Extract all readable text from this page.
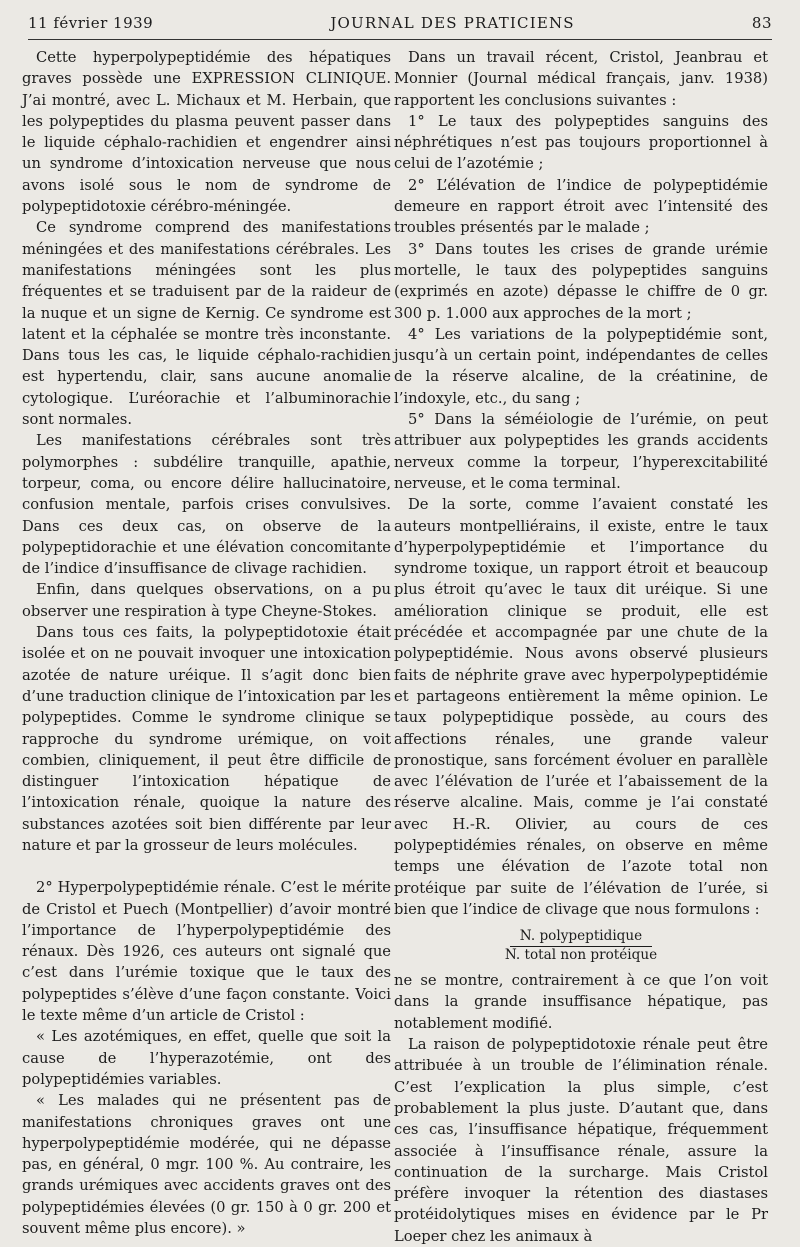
11 février 1939	JOURNAL DES PRATICIENS	83

Cette hyperpolypeptidémie des hépatiques graves possède une EXPRESSION CLINIQUE. J’ai montré, avec L. Michaux et M. Herbain, que les polypeptides du plasma peuvent passer dans le liquide céphalo-rachidien et engendrer ainsi un syndrome d’intoxication nerveuse que nous avons isolé sous le nom de syndrome de polypeptidotoxie cérébro-méningée.

Ce syndrome comprend des manifestations méningées et des manifestations cérébrales. Les manifestations méningées sont les plus fréquentes et se traduisent par de la raideur de la nuque et un signe de Kernig. Ce syndrome est latent et la céphalée se montre très inconstante. Dans tous les cas, le liquide céphalo-rachidien est hypertendu, clair, sans aucune anomalie cytologique. L’uréorachie et l’albuminorachie sont normales.

Les manifestations cérébrales sont très polymorphes : subdélire tranquille, apathie, torpeur, coma, ou encore délire hallucinatoire, confusion mentale, parfois crises convulsives. Dans ces deux cas, on observe de la polypeptidorachie et une élévation concomitante de l’indice d’insuffisance de clivage rachidien.

Enfin, dans quelques observations, on a pu observer une respiration à type Cheyne-Stokes.

Dans tous ces faits, la polypeptidotoxie était isolée et on ne pouvait invoquer une intoxication azotée de nature uréique. Il s’agit donc bien d’une traduction clinique de l’intoxication par les polypeptides. Comme le syndrome clinique se rapproche du syndrome urémique, on voit combien, cliniquement, il peut être difficile de distinguer l’intoxication hépatique de l’intoxication rénale, quoique la nature des substances azotées soit bien différente par leur nature et par la grosseur de leurs molécules.

2° Hyperpolypeptidémie rénale. C’est le mérite de Cristol et Puech (Montpellier) d’avoir montré l’importance de l’hyperpolypeptidémie des rénaux. Dès 1926, ces auteurs ont signalé que c’est dans l’urémie toxique que le taux des polypeptides s’élève d’une façon constante. Voici le texte même d’un article de Cristol :

« Les azotémiques, en effet, quelle que soit la cause de l’hyperazotémie, ont des polypeptidémies variables.

« Les malades qui ne présentent pas de manifestations chroniques graves ont une hyperpolypeptidémie modérée, qui ne dépasse pas, en général, 0 mgr. 100 %. Au contraire, les grands urémiques avec accidents graves ont des polypeptidémies élevées (0 gr. 150 à 0 gr. 200 et souvent même plus encore). »

Dans un travail récent, Cristol, Jeanbrau et Monnier (Journal médical français, janv. 1938) rapportent les conclusions suivantes :

1° Le taux des polypeptides sanguins des néphrétiques n’est pas toujours proportionnel à celui de l’azotémie ;

2° L’élévation de l’indice de polypeptidémie demeure en rapport étroit avec l’intensité des troubles présentés par le malade ;

3° Dans toutes les crises de grande urémie mortelle, le taux des polypeptides sanguins (exprimés en azote) dépasse le chiffre de 0 gr. 300 p. 1.000 aux approches de la mort ;

4° Les variations de la polypeptidémie sont, jusqu’à un certain point, indépendantes de celles de la réserve alcaline, de la créatinine, de l’indoxyle, etc., du sang ;

5° Dans la séméiologie de l’urémie, on peut attribuer aux polypeptides les grands accidents nerveux comme la torpeur, l’hyperexcitabilité nerveuse, et le coma terminal.

De la sorte, comme l’avaient constaté les auteurs montpelliérains, il existe, entre le taux d’hyperpolypeptidémie et l’importance du syndrome toxique, un rapport étroit et beaucoup plus étroit qu’avec le taux dit uréique. Si une amélioration clinique se produit, elle est précédée et accompagnée par une chute de la polypeptidémie. Nous avons observé plusieurs faits de néphrite grave avec hyperpolypeptidémie et partageons entièrement la même opinion. Le taux polypeptidique possède, au cours des affections rénales, une grande valeur pronostique, sans forcément évoluer en parallèle avec l’élévation de l’urée et l’abaissement de la réserve alcaline. Mais, comme je l’ai constaté avec H.-R. Olivier, au cours de ces polypeptidémies rénales, on observe en même temps une élévation de l’azote total non protéique par suite de l’élévation de l’urée, si bien que l’indice de clivage que nous formulons :

N. polypeptidique
N. total non protéique

ne se montre, contrairement à ce que l’on voit dans la grande insuffisance hépatique, pas notablement modifié.

La raison de polypeptidotoxie rénale peut être attribuée à un trouble de l’élimination rénale. C’est l’explication la plus simple, c’est probablement la plus juste. D’autant que, dans ces cas, l’insuffisance hépatique, fréquemment associée à l’insuffisance rénale, assure la continuation de la surcharge. Mais Cristol préfère invoquer la rétention des diastases protéidolytiques mises en évidence par le Pr Loeper chez les animaux à
